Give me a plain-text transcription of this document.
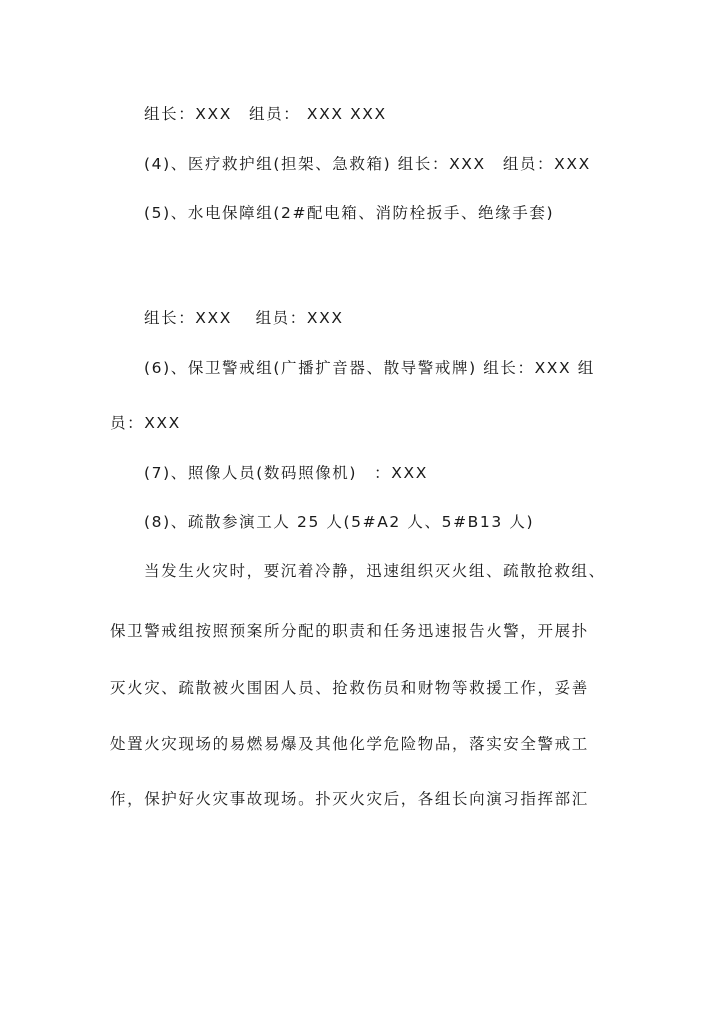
组长：XXX　组员： XXX XXX
(4)、医疗救护组(担架、急救箱) 组长：XXX　组员：XXX
(5)、水电保障组(2#配电箱、消防栓扳手、绝缘手套)
组长：XXX　 组员：XXX
(6)、保卫警戒组(广播扩音器、散导警戒牌) 组长：XXX 组
员：XXX
(7)、照像人员(数码照像机)　：XXX
(8)、疏散参演工人 25 人(5#A2 人、5#B13 人)
当发生火灾时，要沉着冷静，迅速组织灭火组、疏散抢救组、
保卫警戒组按照预案所分配的职责和任务迅速报告火警，开展扑
灭火灾、疏散被火围困人员、抢救伤员和财物等救援工作，妥善
处置火灾现场的易燃易爆及其他化学危险物品，落实安全警戒工
作，保护好火灾事故现场。扑灭火灾后，各组长向演习指挥部汇
